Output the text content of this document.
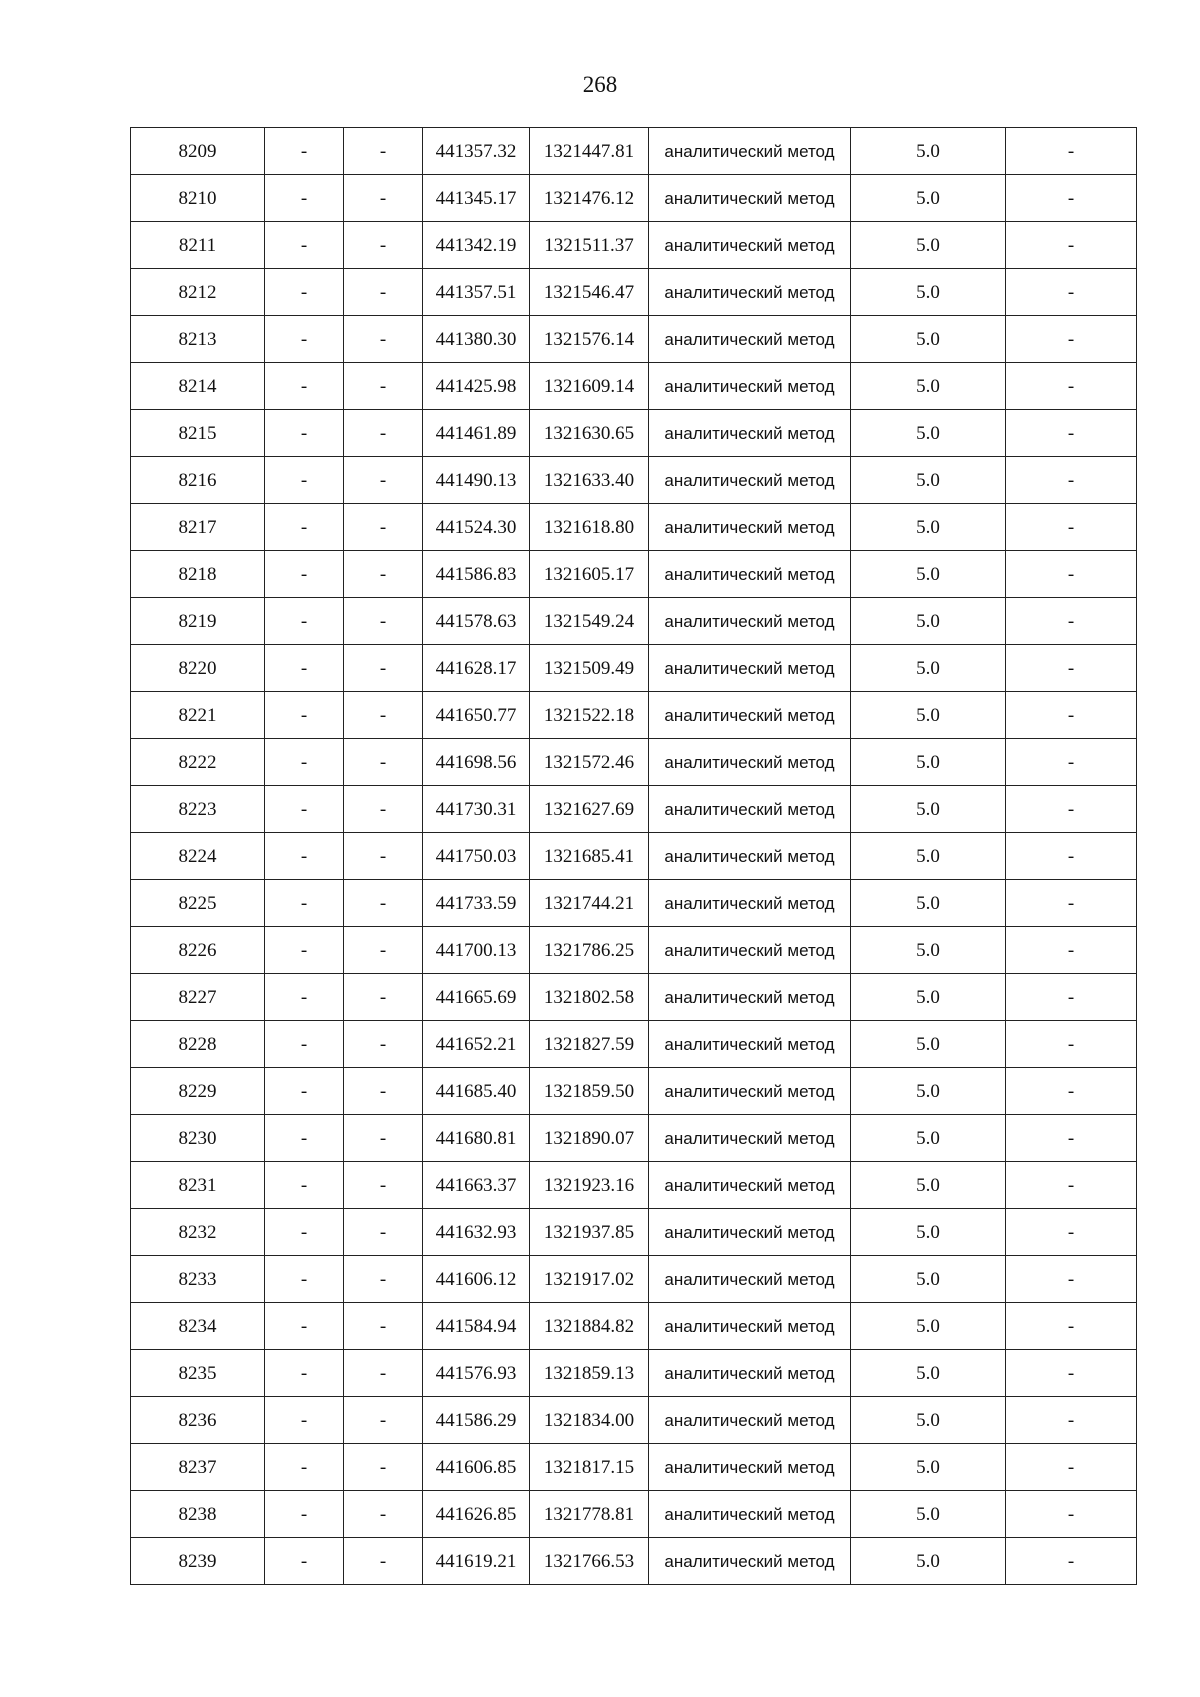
268
8209	-	-	441357.32	1321447.81	аналитический метод	5.0	-
8210	-	-	441345.17	1321476.12	аналитический метод	5.0	-
8211	-	-	441342.19	1321511.37	аналитический метод	5.0	-
8212	-	-	441357.51	1321546.47	аналитический метод	5.0	-
8213	-	-	441380.30	1321576.14	аналитический метод	5.0	-
8214	-	-	441425.98	1321609.14	аналитический метод	5.0	-
8215	-	-	441461.89	1321630.65	аналитический метод	5.0	-
8216	-	-	441490.13	1321633.40	аналитический метод	5.0	-
8217	-	-	441524.30	1321618.80	аналитический метод	5.0	-
8218	-	-	441586.83	1321605.17	аналитический метод	5.0	-
8219	-	-	441578.63	1321549.24	аналитический метод	5.0	-
8220	-	-	441628.17	1321509.49	аналитический метод	5.0	-
8221	-	-	441650.77	1321522.18	аналитический метод	5.0	-
8222	-	-	441698.56	1321572.46	аналитический метод	5.0	-
8223	-	-	441730.31	1321627.69	аналитический метод	5.0	-
8224	-	-	441750.03	1321685.41	аналитический метод	5.0	-
8225	-	-	441733.59	1321744.21	аналитический метод	5.0	-
8226	-	-	441700.13	1321786.25	аналитический метод	5.0	-
8227	-	-	441665.69	1321802.58	аналитический метод	5.0	-
8228	-	-	441652.21	1321827.59	аналитический метод	5.0	-
8229	-	-	441685.40	1321859.50	аналитический метод	5.0	-
8230	-	-	441680.81	1321890.07	аналитический метод	5.0	-
8231	-	-	441663.37	1321923.16	аналитический метод	5.0	-
8232	-	-	441632.93	1321937.85	аналитический метод	5.0	-
8233	-	-	441606.12	1321917.02	аналитический метод	5.0	-
8234	-	-	441584.94	1321884.82	аналитический метод	5.0	-
8235	-	-	441576.93	1321859.13	аналитический метод	5.0	-
8236	-	-	441586.29	1321834.00	аналитический метод	5.0	-
8237	-	-	441606.85	1321817.15	аналитический метод	5.0	-
8238	-	-	441626.85	1321778.81	аналитический метод	5.0	-
8239	-	-	441619.21	1321766.53	аналитический метод	5.0	-
